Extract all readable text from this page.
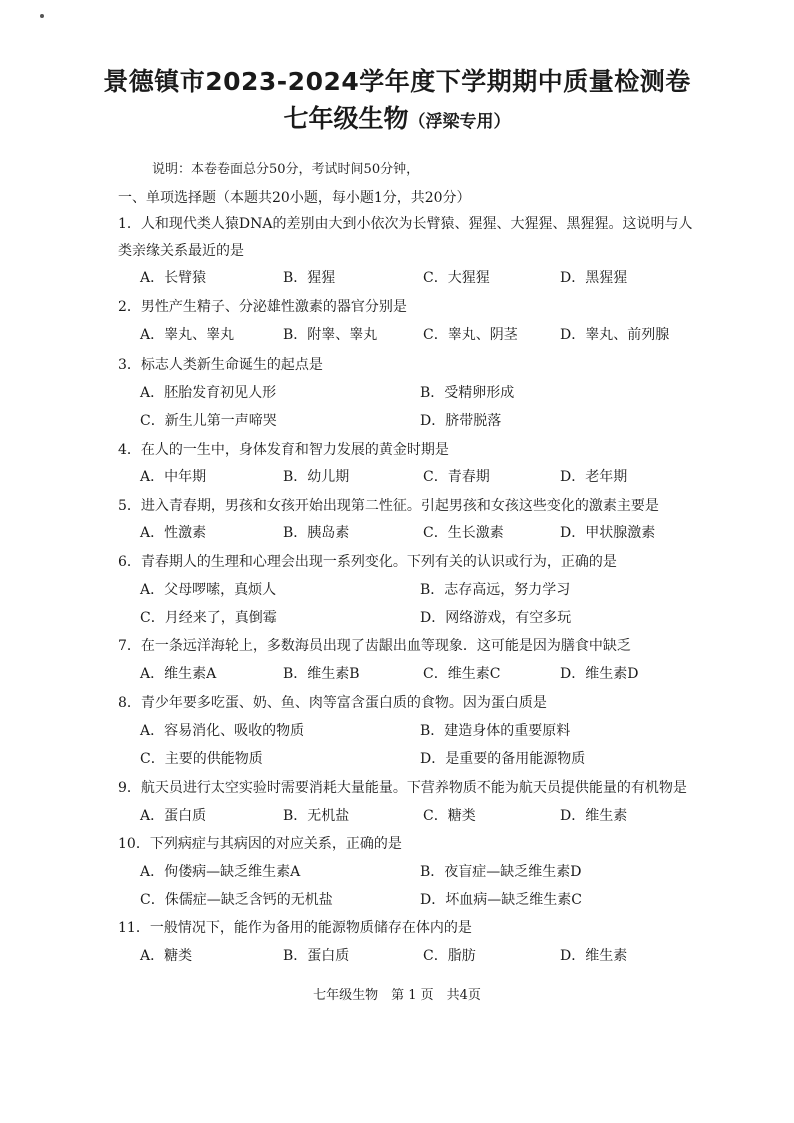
景德镇市2023-2024学年度下学期期中质量检测卷
七年级生物（浮梁专用）
说明：本卷卷面总分50分，考试时间50分钟，
一、单项选择题（本题共20小题，每小题1分，共20分）
1．人和现代类人猿DNA的差别由大到小依次为长臂猿、猩猩、大猩猩、黑猩猩。这说明与人
类亲缘关系最近的是
A．长臂猿	B．猩猩	C．大猩猩	D．黑猩猩
2．男性产生精子、分泌雄性激素的器官分别是
A．睾丸、睾丸	B．附睾、睾丸	C．睾丸、阴茎	D．睾丸、前列腺
3．标志人类新生命诞生的起点是
A．胚胎发育初见人形	B．受精卵形成
C．新生儿第一声啼哭	D．脐带脱落
4．在人的一生中，身体发育和智力发展的黄金时期是
A．中年期	B．幼儿期	C．青春期	D．老年期
5．进入青春期，男孩和女孩开始出现第二性征。引起男孩和女孩这些变化的激素主要是
A．性激素	B．胰岛素	C．生长激素	D．甲状腺激素
6．青春期人的生理和心理会出现一系列变化。下列有关的认识或行为，正确的是
A．父母啰嗦，真烦人	B．志存高远，努力学习
C．月经来了，真倒霉	D．网络游戏，有空多玩
7．在一条远洋海轮上，多数海员出现了齿龈出血等现象．这可能是因为膳食中缺乏
A．维生素A	B．维生素B	C．维生素C	D．维生素D
8．青少年要多吃蛋、奶、鱼、肉等富含蛋白质的食物。因为蛋白质是
A．容易消化、吸收的物质	B．建造身体的重要原料
C．主要的供能物质	D．是重要的备用能源物质
9．航天员进行太空实验时需要消耗大量能量。下营养物质不能为航天员提供能量的有机物是
A．蛋白质	B．无机盐	C．糖类	D．维生素
10．下列病症与其病因的对应关系，正确的是
A．佝偻病—缺乏维生素A	B．夜盲症—缺乏维生素D
C．侏儒症—缺乏含钙的无机盐	D．坏血病—缺乏维生素C
11．一般情况下，能作为备用的能源物质储存在体内的是
A．糖类	B．蛋白质	C．脂肪	D．维生素
七年级生物　第 1 页　共4页
